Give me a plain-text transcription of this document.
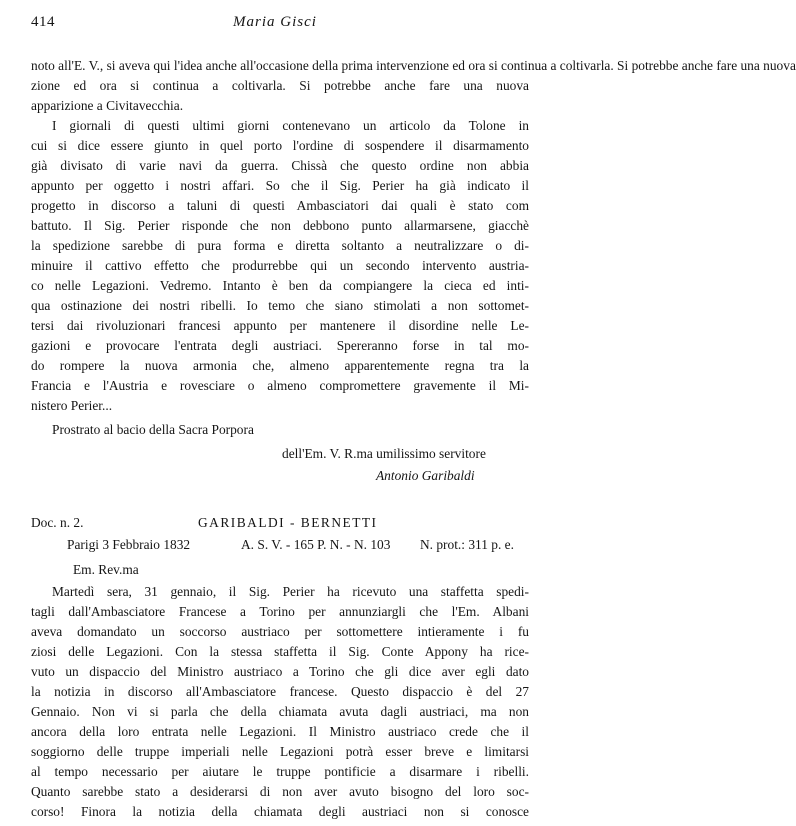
414	Maria Gisci
noto all'E. V., si aveva qui l'idea anche all'occasione della prima intervenzione ed ora si continua a coltivarla. Si potrebbe anche fare una nuova
zione ed ora si continua a coltivarla. Si potrebbe anche fare una nuova
apparizione a Civitavecchia.
I giornali di questi ultimi giorni contenevano un articolo da Tolone in
cui si dice essere giunto in quel porto l'ordine di sospendere il disarmamento
già divisato di varie navi da guerra. Chissà che questo ordine non abbia
appunto per oggetto i nostri affari. So che il Sig. Perier ha già indicato il
progetto in discorso a taluni di questi Ambasciatori dai quali è stato com
battuto. Il Sig. Perier risponde che non debbono punto allarmarsene, giacchè
la spedizione sarebbe di pura forma e diretta soltanto a neutralizzare o di-
minuire il cattivo effetto che produrrebbe qui un secondo intervento austria-
co nelle Legazioni. Vedremo. Intanto è ben da compiangere la cieca ed inti-
qua ostinazione dei nostri ribelli. Io temo che siano stimolati a non sottomet-
tersi dai rivoluzionari francesi appunto per mantenere il disordine nelle Le-
gazioni e provocare l'entrata degli austriaci. Spereranno forse in tal mo-
do rompere la nuova armonia che, almeno apparentemente regna tra la
Francia e l'Austria e rovesciare o almeno compromettere gravemente il Mi-
nistero Perier...
Prostrato al bacio della Sacra Porpora
dell'Em. V. R.ma umilissimo servitore
Antonio Garibaldi
Doc. n. 2.	GARIBALDI - BERNETTI
Parigi 3 Febbraio 1832	A. S. V. - 165 P. N. - N. 103 N. prot.: 311 p. e.
Em. Rev.ma
Martedì sera, 31 gennaio, il Sig. Perier ha ricevuto una staffetta spedi-
tagli dall'Ambasciatore Francese a Torino per annunziargli che l'Em. Albani
aveva domandato un soccorso austriaco per sottomettere intieramente i fu
ziosi delle Legazioni. Con la stessa staffetta il Sig. Conte Appony ha rice-
vuto un dispaccio del Ministro austriaco a Torino che gli dice aver egli dato
la notizia in discorso all'Ambasciatore francese. Questo dispaccio è del 27
Gennaio. Non vi si parla che della chiamata avuta dagli austriaci, ma non
ancora della loro entrata nelle Legazioni. Il Ministro austriaco crede che il
soggiorno delle truppe imperiali nelle Legazioni potrà esser breve e limitarsi
al tempo necessario per aiutare le truppe pontificie a disarmare i ribelli.
Quanto sarebbe stato a desiderarsi di non aver avuto bisogno del loro soc-
corso! Finora la notizia della chiamata degli austriaci non si conosce
